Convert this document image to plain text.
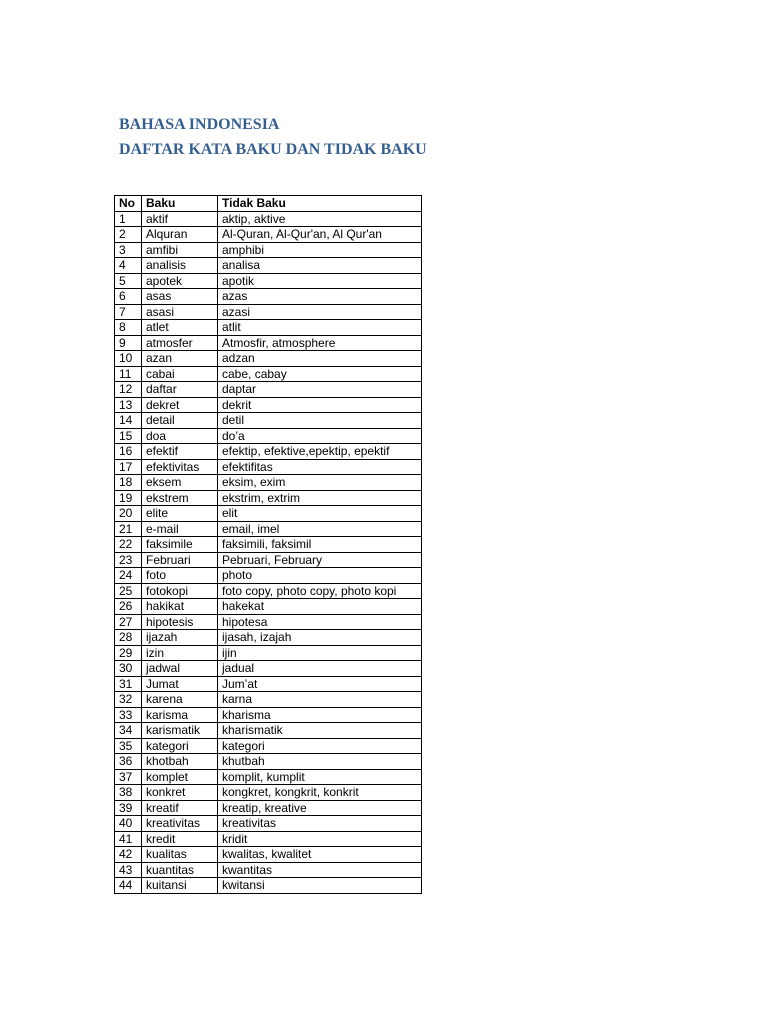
BAHASA INDONESIA
DAFTAR KATA BAKU DAN TIDAK BAKU
No	Baku	Tidak Baku
1	aktif	aktip, aktive
2	Alquran	Al-Quran, Al-Qur'an, Al Qur'an
3	amfibi	amphibi
4	analisis	analisa
5	apotek	apotik
6	asas	azas
7	asasi	azasi
8	atlet	atlit
9	atmosfer	Atmosfir, atmosphere
10	azan	adzan
11	cabai	cabe, cabay
12	daftar	daptar
13	dekret	dekrit
14	detail	detil
15	doa	do’a
16	efektif	efektip, efektive,epektip, epektif
17	efektivitas	efektifitas
18	eksem	eksim, exim
19	ekstrem	ekstrim, extrim
20	elite	elit
21	e-mail	email, imel
22	faksimile	faksimili, faksimil
23	Februari	Pebruari, February
24	foto	photo
25	fotokopi	foto copy, photo copy, photo kopi
26	hakikat	hakekat
27	hipotesis	hipotesa
28	ijazah	ijasah, izajah
29	izin	ijin
30	jadwal	jadual
31	Jumat	Jum’at
32	karena	karna
33	karisma	kharisma
34	karismatik	kharismatik
35	kategori	kategori
36	khotbah	khutbah
37	komplet	komplit, kumplit
38	konkret	kongkret, kongkrit, konkrit
39	kreatif	kreatip, kreative
40	kreativitas	kreativitas
41	kredit	kridit
42	kualitas	kwalitas, kwalitet
43	kuantitas	kwantitas
44	kuitansi	kwitansi
